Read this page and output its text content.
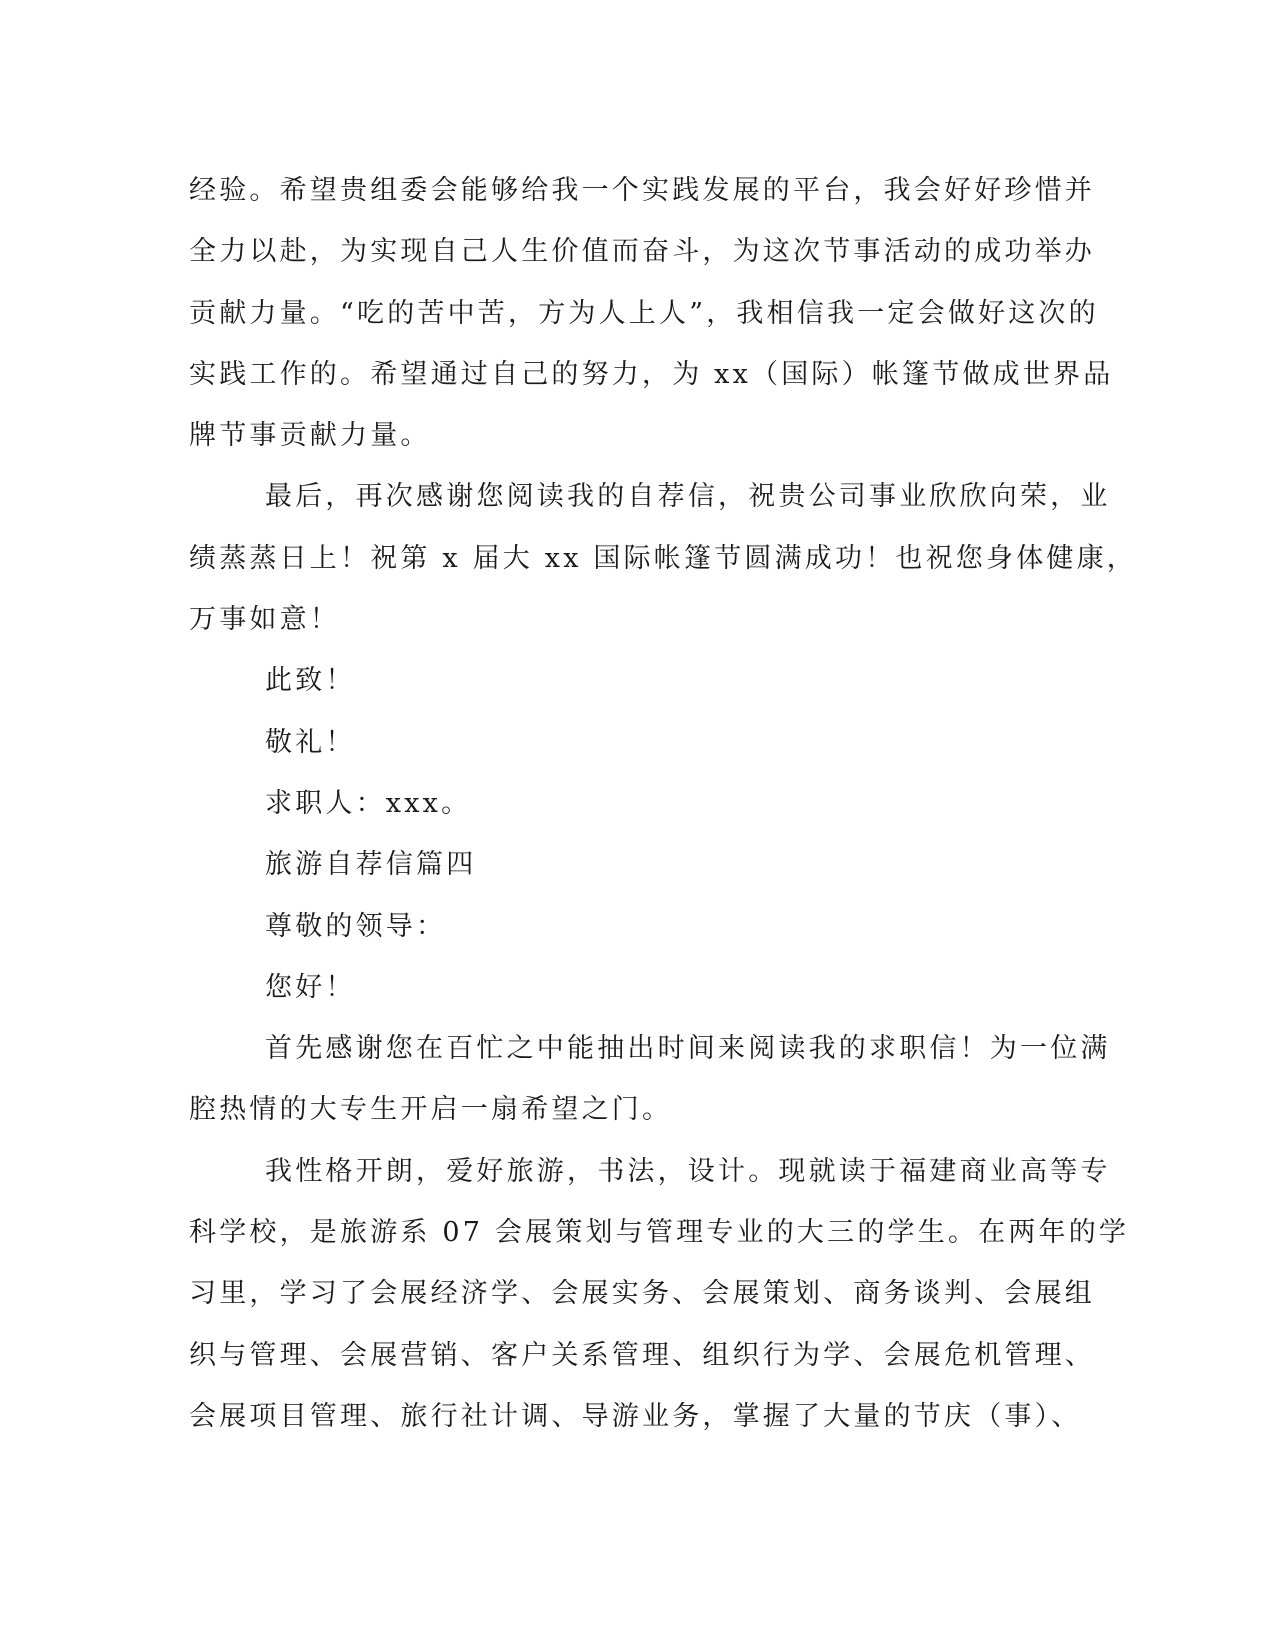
经验。希望贵组委会能够给我一个实践发展的平台，我会好好珍惜并
全力以赴，为实现自己人生价值而奋斗，为这次节事活动的成功举办
贡献力量。“吃的苦中苦，方为人上人”，我相信我一定会做好这次的
实践工作的。希望通过自己的努力，为 xx（国际）帐篷节做成世界品
牌节事贡献力量。
最后，再次感谢您阅读我的自荐信，祝贵公司事业欣欣向荣，业
绩蒸蒸日上！祝第 x 届大 xx 国际帐篷节圆满成功！也祝您身体健康，
万事如意！
此致！
敬礼！
求职人：xxx。
旅游自荐信篇四
尊敬的领导：
您好！
首先感谢您在百忙之中能抽出时间来阅读我的求职信！为一位满
腔热情的大专生开启一扇希望之门。
我性格开朗，爱好旅游，书法，设计。现就读于福建商业高等专
科学校，是旅游系 07 会展策划与管理专业的大三的学生。在两年的学
习里，学习了会展经济学、会展实务、会展策划、商务谈判、会展组
织与管理、会展营销、客户关系管理、组织行为学、会展危机管理、
会展项目管理、旅行社计调、导游业务，掌握了大量的节庆（事）、
